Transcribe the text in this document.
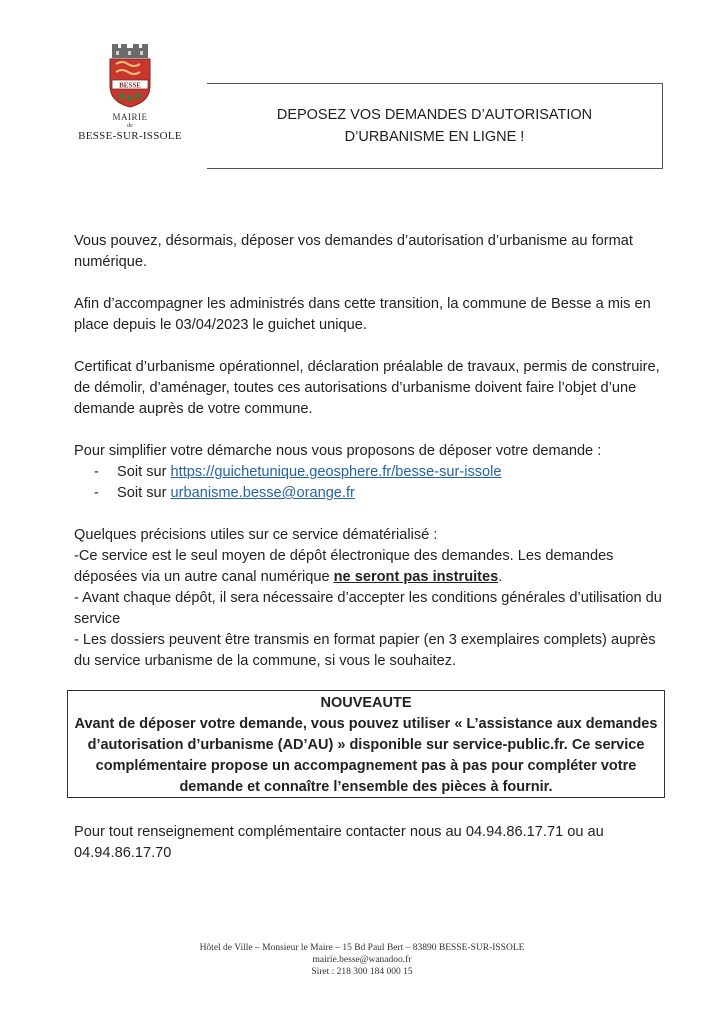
BESSE
MAIRIE
de
BESSE-SUR-ISSOLE
DEPOSEZ VOS DEMANDES D’AUTORISATION D’URBANISME EN LIGNE !

Vous pouvez, désormais, déposer vos demandes d’autorisation d’urbanisme au format numérique.

Afin d’accompagner les administrés dans cette transition, la commune de Besse a mis en place depuis le 03/04/2023 le guichet unique.

Certificat d’urbanisme opérationnel, déclaration préalable de travaux, permis de construire, de démolir, d’aménager, toutes ces autorisations d’urbanisme doivent faire l’objet d’une demande auprès de votre commune.

Pour simplifier votre démarche nous vous proposons de déposer votre demande :

- Soit sur https://guichetunique.geosphere.fr/besse-sur-issole
- Soit sur urbanisme.besse@orange.fr

Quelques précisions utiles sur ce service dématérialisé :
-Ce service est le seul moyen de dépôt électronique des demandes. Les demandes déposées via un autre canal numérique ne seront pas instruites.
- Avant chaque dépôt, il sera nécessaire d’accepter les conditions générales d’utilisation du service
- Les dossiers peuvent être transmis en format papier (en 3 exemplaires complets) auprès du service urbanisme de la commune, si vous le souhaitez.

NOUVEAUTE
Avant de déposer votre demande, vous pouvez utiliser « L’assistance aux demandes d’autorisation d’urbanisme (AD’AU) » disponible sur service-public.fr. Ce service complémentaire propose un accompagnement pas à pas pour compléter votre demande et connaître l’ensemble des pièces à fournir.
Pour tout renseignement complémentaire contacter nous au 04.94.86.17.71 ou au 04.94.86.17.70
Hôtel de Ville – Monsieur le Maire – 15 Bd Paul Bert – 83890 BESSE-SUR-ISSOLE
mairie.besse@wanadoo.fr
Siret : 218 300 184 000 15
